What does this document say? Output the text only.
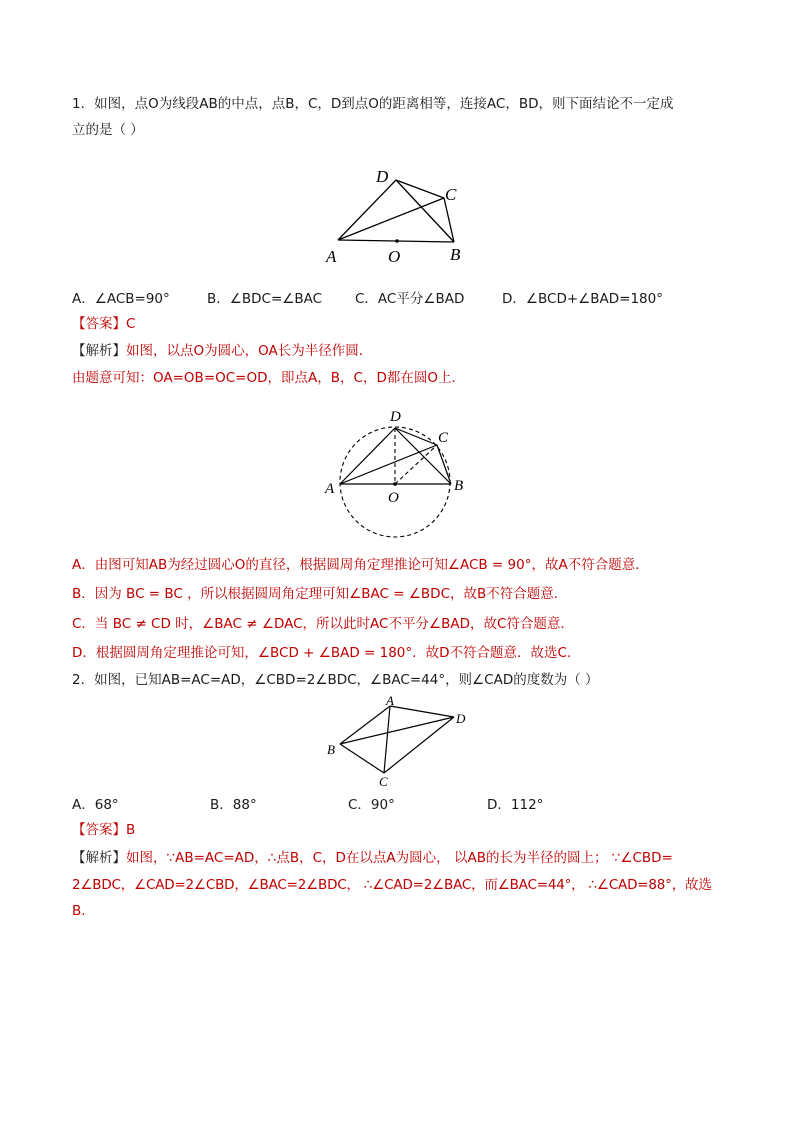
1．如图，点O为线段AB的中点，点B，C，D到点O的距离相等，连接AC，BD，则下面结论不一定成
立的是（ ）
A	O	B
C
D
A．∠ACB=90°	B．∠BDC=∠BAC C．AC平分∠BAD	D．∠BCD+∠BAD=180°
【答案】C
【解析】如图，以点O为圆心，OA长为半径作圆．
由题意可知：OA=OB=OC=OD，即点A，B，C，D都在圆O上．
A
O
B
C
D
A．由图可知AB为经过圆心O的直径，根据圆周角定理推论可知∠ACB = 90°，故A不符合题意．
B．因为 BC = BC ，所以根据圆周角定理可知∠BAC = ∠BDC，故B不符合题意．
C．当 BC ≠ CD 时，∠BAC ≠ ∠DAC，所以此时AC不平分∠BAD，故C符合题意．
D．根据圆周角定理推论可知，∠BCD + ∠BAD = 180°．故D不符合题意．故选C．
2．如图，已知AB=AC=AD，∠CBD=2∠BDC，∠BAC=44°，则∠CAD的度数为（ ）
A
B
C
D
A．68°	B．88°	C．90°	D．112°
【答案】B
【解析】如图，∵AB=AC=AD，∴点B，C，D在以点A为圆心， 以AB的长为半径的圆上； ∵∠CBD=
2∠BDC，∠CAD=2∠CBD，∠BAC=2∠BDC， ∴∠CAD=2∠BAC，而∠BAC=44°， ∴∠CAD=88°，故选
B.
